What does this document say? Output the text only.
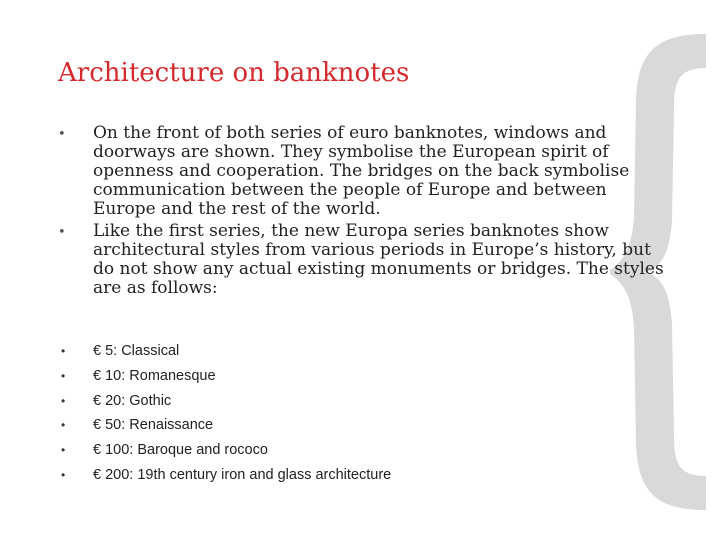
Architecture on banknotes
• On the front of both series of euro banknotes, windows and doorways are shown. They symbolise the European spirit of openness and cooperation. The bridges on the back symbolise communication between the people of Europe and between Europe and the rest of the world.
• Like the first series, the new Europa series banknotes show architectural styles from various periods in Europe’s history, but do not show any actual existing monuments or bridges. The styles are as follows:
• € 5: Classical
• € 10: Romanesque
• € 20: Gothic
• € 50: Renaissance
• € 100: Baroque and rococo
• € 200: 19th century iron and glass architecture
